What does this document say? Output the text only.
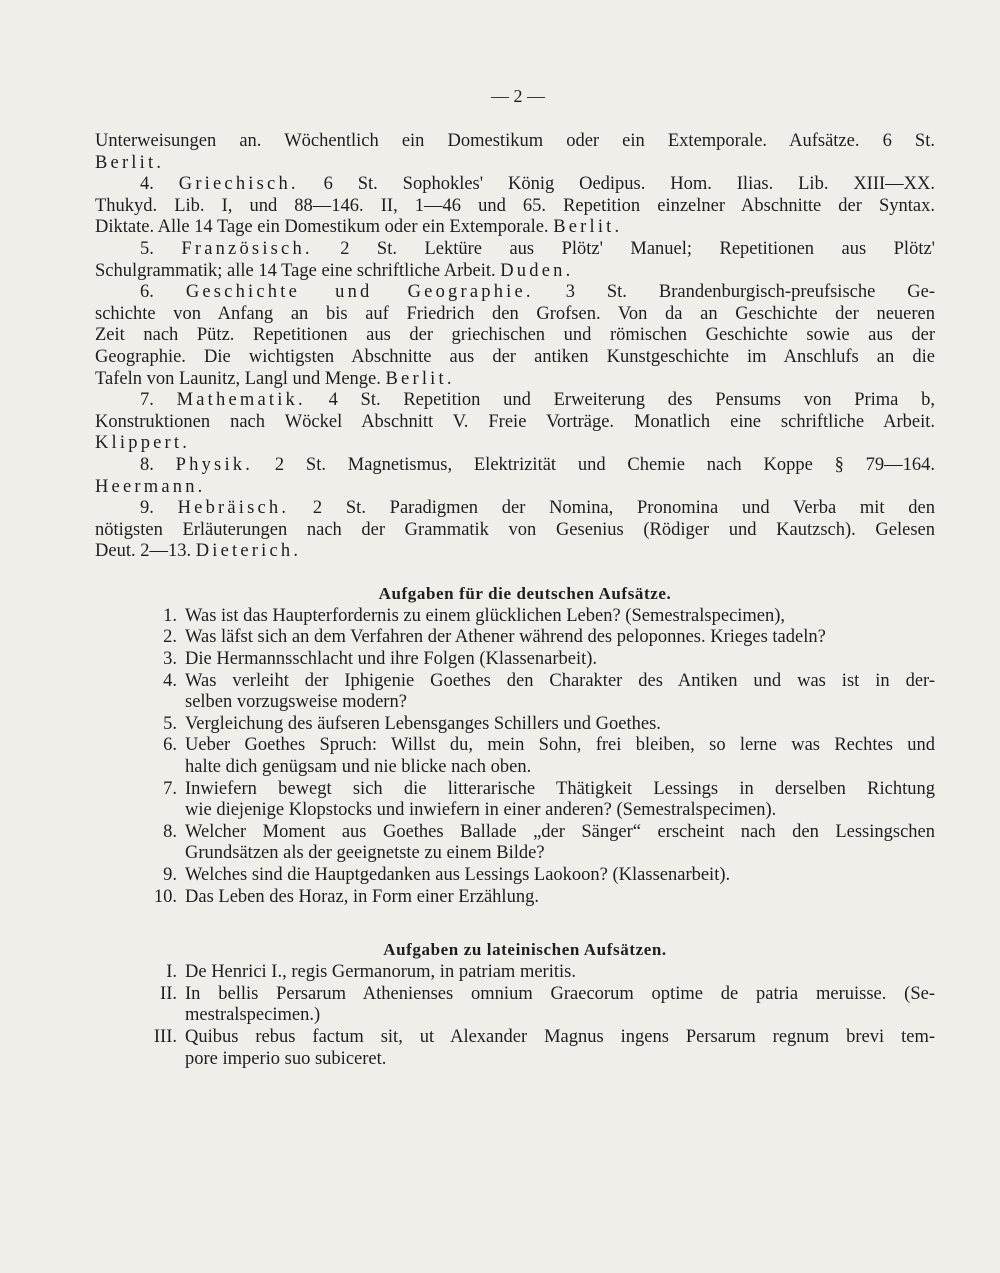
— 2 —
Unterweisungen an. Wöchentlich ein Domestikum oder ein Extemporale. Aufsätze. 6 St.
Berlit.
4. Griechisch. 6 St. Sophokles' König Oedipus. Hom. Ilias. Lib. XIII—XX.
Thukyd. Lib. I, und 88—146. II, 1—46 und 65. Repetition einzelner Abschnitte der Syntax.
Diktate. Alle 14 Tage ein Domestikum oder ein Extemporale. Berlit.
5. Französisch. 2 St. Lektüre aus Plötz' Manuel; Repetitionen aus Plötz'
Schulgrammatik; alle 14 Tage eine schriftliche Arbeit. Duden.
6. Geschichte und Geographie. 3 St. Brandenburgisch-preufsische Ge-
schichte von Anfang an bis auf Friedrich den Grofsen. Von da an Geschichte der neueren
Zeit nach Pütz. Repetitionen aus der griechischen und römischen Geschichte sowie aus der
Geographie. Die wichtigsten Abschnitte aus der antiken Kunstgeschichte im Anschlufs an die
Tafeln von Launitz, Langl und Menge. Berlit.
7. Mathematik. 4 St. Repetition und Erweiterung des Pensums von Prima b,
Konstruktionen nach Wöckel Abschnitt V. Freie Vorträge. Monatlich eine schriftliche Arbeit.
Klippert.
8. Physik. 2 St. Magnetismus, Elektrizität und Chemie nach Koppe § 79—164.
Heermann.
9. Hebräisch. 2 St. Paradigmen der Nomina, Pronomina und Verba mit den
nötigsten Erläuterungen nach der Grammatik von Gesenius (Rödiger und Kautzsch). Gelesen
Deut. 2—13. Dieterich.
Aufgaben für die deutschen Aufsätze.
1. Was ist das Haupterfordernis zu einem glücklichen Leben? (Semestralspecimen),
2. Was läfst sich an dem Verfahren der Athener während des peloponnes. Krieges tadeln?
3. Die Hermannsschlacht und ihre Folgen (Klassenarbeit).
4. Was verleiht der Iphigenie Goethes den Charakter des Antiken und was ist in der-
selben vorzugsweise modern?
5. Vergleichung des äufseren Lebensganges Schillers und Goethes.
6. Ueber Goethes Spruch: Willst du, mein Sohn, frei bleiben, so lerne was Rechtes und
halte dich genügsam und nie blicke nach oben.
7. Inwiefern bewegt sich die litterarische Thätigkeit Lessings in derselben Richtung
wie diejenige Klopstocks und inwiefern in einer anderen? (Semestralspecimen).
8. Welcher Moment aus Goethes Ballade „der Sänger“ erscheint nach den Lessingschen
Grundsätzen als der geeignetste zu einem Bilde?
9. Welches sind die Hauptgedanken aus Lessings Laokoon? (Klassenarbeit).
10. Das Leben des Horaz, in Form einer Erzählung.
Aufgaben zu lateinischen Aufsätzen.
I. De Henrici I., regis Germanorum, in patriam meritis.
II. In bellis Persarum Athenienses omnium Graecorum optime de patria meruisse. (Se-
mestralspecimen.)
III. Quibus rebus factum sit, ut Alexander Magnus ingens Persarum regnum brevi tem-
pore imperio suo subiceret.
